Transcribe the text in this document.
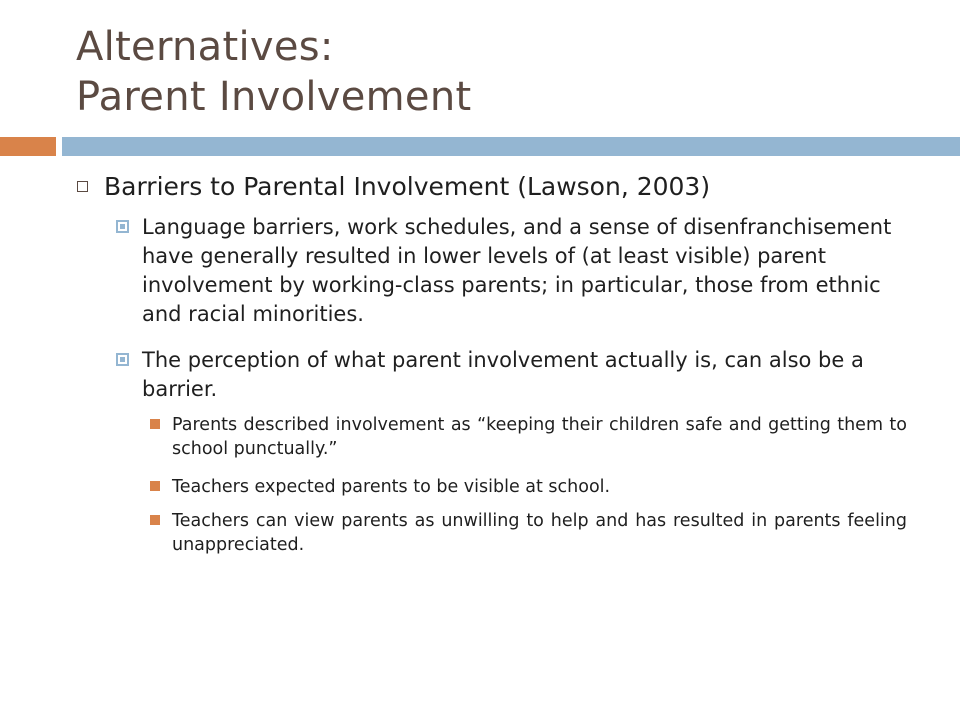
Alternatives:
Parent Involvement
Barriers to Parental Involvement (Lawson, 2003)
Language barriers, work schedules, and a sense of disenfranchisement have generally resulted in lower levels of (at least visible) parent involvement by working-class parents; in particular, those from ethnic and racial minorities.
The perception of what parent involvement actually is, can also be a barrier.
Parents described involvement as “keeping their children safe and getting them to school punctually.”
Teachers expected parents to be visible at school.
Teachers can view parents as unwilling to help and has resulted in parents feeling unappreciated.
